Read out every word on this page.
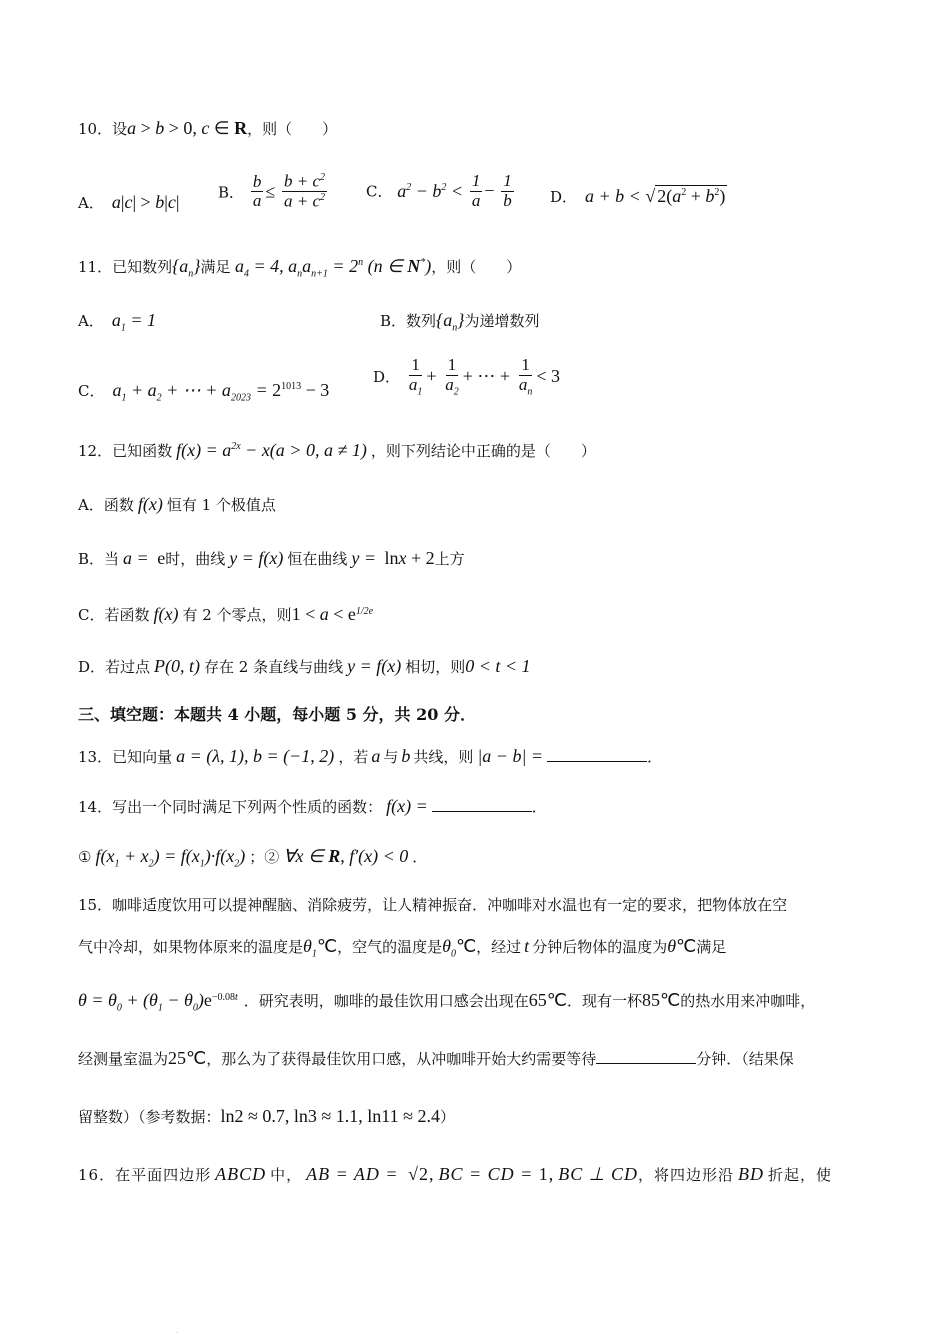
10．设a > b > 0, c ∈ R，则（　　）
A． a|c| > b|c|	B． $\frac{b}{a} \le \frac{b + c^2}{a + c^2}$	C． $a^2 - b^2 < \frac{1}{a} - \frac{1}{b}$ D． a + b < √ $2(a^2 + b^2)$
11．已知数列$\{a_n\}$满足 $a_4 = 4$, $a_na_{n+1} = 2^n$ (n ∈ N*)，则（　　）
A． $a_1 = 1$	B．数列$\{a_n\}$为递增数列
C． $a_1 + a_2$ + ⋯ + $a_{2023} = 2^{1013} - 3$
D． $\frac{1}{a_1} + \frac{1}{a_2}$ + ⋯ + $\frac{1}{a_n} < 3$
12．已知函数 $f(x) = a^{2x} - x(a > 0$, a ≠ 1) ，则下列结论中正确的是（　　）
A．函数 f(x) 恒有 1 个极值点
B．当 a = e时，曲线 y = f(x) 恒在曲线 y = lnx + 2上方
C．若函数 f(x) 有 2 个零点，则$1 < a < e^{1/2e}$
D．若过点 P(0, t) 存在 2 条直线与曲线 y = f(x) 相切，则0 < t < 1
三、填空题：本题共 4 小题，每小题 5 分，共 20 分．
13．已知向量 a = (λ, 1), b = (−1, 2) ，若 a 与 b 共线，则 |a − b| =	．
14．写出一个同时满足下列两个性质的函数： f(x) =	．
① $f(x_1 + x_2) = f(x_1)\cdot f(x_2)$ ；② ∀x ∈ R, f′(x) < 0 ．
15．咖啡适度饮用可以提神醒脑、消除疲劳，让人精神振奋．冲咖啡对水温也有一定的要求，把物体放在空
气中冷却，如果物体原来的温度是$\theta_1℃$，空气的温度是$\theta_0℃$，经过 t 分钟后物体的温度为θ℃满足
$\theta = \theta_0 + (\theta_1 - \theta_0)e^{-0.08t}$ ．研究表明，咖啡的最佳饮用口感会出现在65℃．现有一杯85℃的热水用来冲咖啡，
经测量室温为25℃，那么为了获得最佳饮用口感，从冲咖啡开始大约需要等待	分钟．（结果保
留整数）（参考数据：ln2 ≈ 0.7, ln3 ≈ 1.1, ln11 ≈ 2.4）
16．在平面四边形 ABCD 中， AB = AD = √2, BC = CD = 1, BC ⊥ CD，将四边形沿 BD 折起，使
.
